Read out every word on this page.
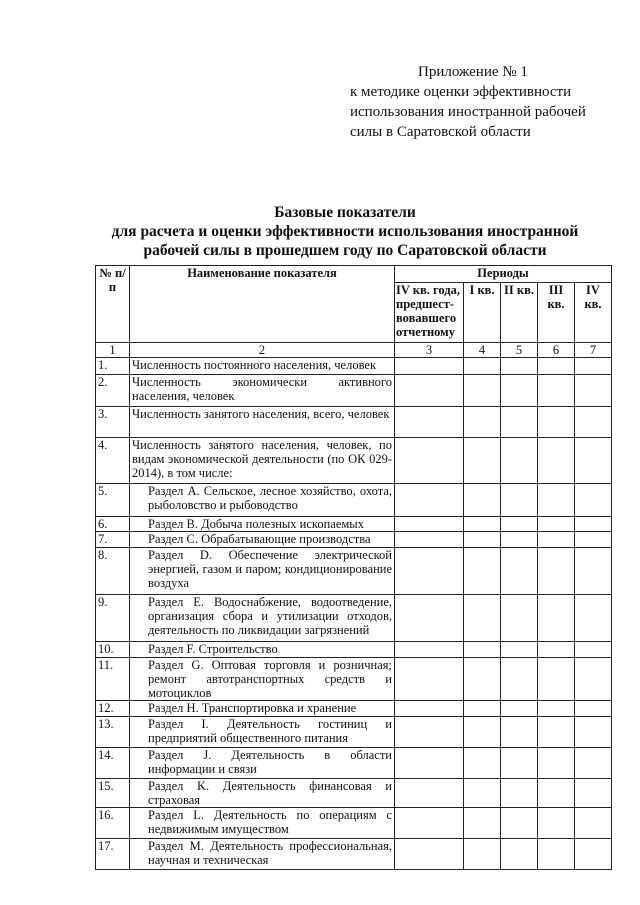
Приложение № 1
к методике оценки эффективности
использования иностранной рабочей
силы в Саратовской области
Базовые показатели
для расчета и оценки эффективности использования иностранной
рабочей силы в прошедшем году по Саратовской области
№ п/п	Наименование показателя	Периоды				
		IV кв. года, предшест-вовавшего отчетному	I кв.	II кв.	III кв.	IV кв.
1	2	3	4	5	6	7
1.	Численность постоянного населения, человек					
2.	Численность экономически активного населения, человек					
3.	Численность занятого населения, всего, человек					
4.	Численность занятого населения, человек, по видам экономической деятельности (по ОК 029-2014), в том числе:					
5.	Раздел А. Сельское, лесное хозяйство, охота, рыболовство и рыбоводство					
6.	Раздел B. Добыча полезных ископаемых					
7.	Раздел C. Обрабатывающие производства					
8.	Раздел D. Обеспечение электрической энергией, газом и паром; кондиционирование воздуха					
9.	Раздел E. Водоснабжение, водоотведение, организация сбора и утилизации отходов, деятельность по ликвидации загрязнений					
10.	Раздел F. Строительство					
11.	Раздел G. Оптовая торговля и розничная; ремонт автотранспортных средств и мотоциклов					
12.	Раздел H. Транспортировка и хранение					
13.	Раздел I. Деятельность гостиниц и предприятий общественного питания					
14.	Раздел J. Деятельность в области информации и связи					
15.	Раздел K. Деятельность финансовая и страховая					
16.	Раздел L. Деятельность по операциям с недвижимым имуществом					
17.	Раздел M. Деятельность профессиональная, научная и техническая					
